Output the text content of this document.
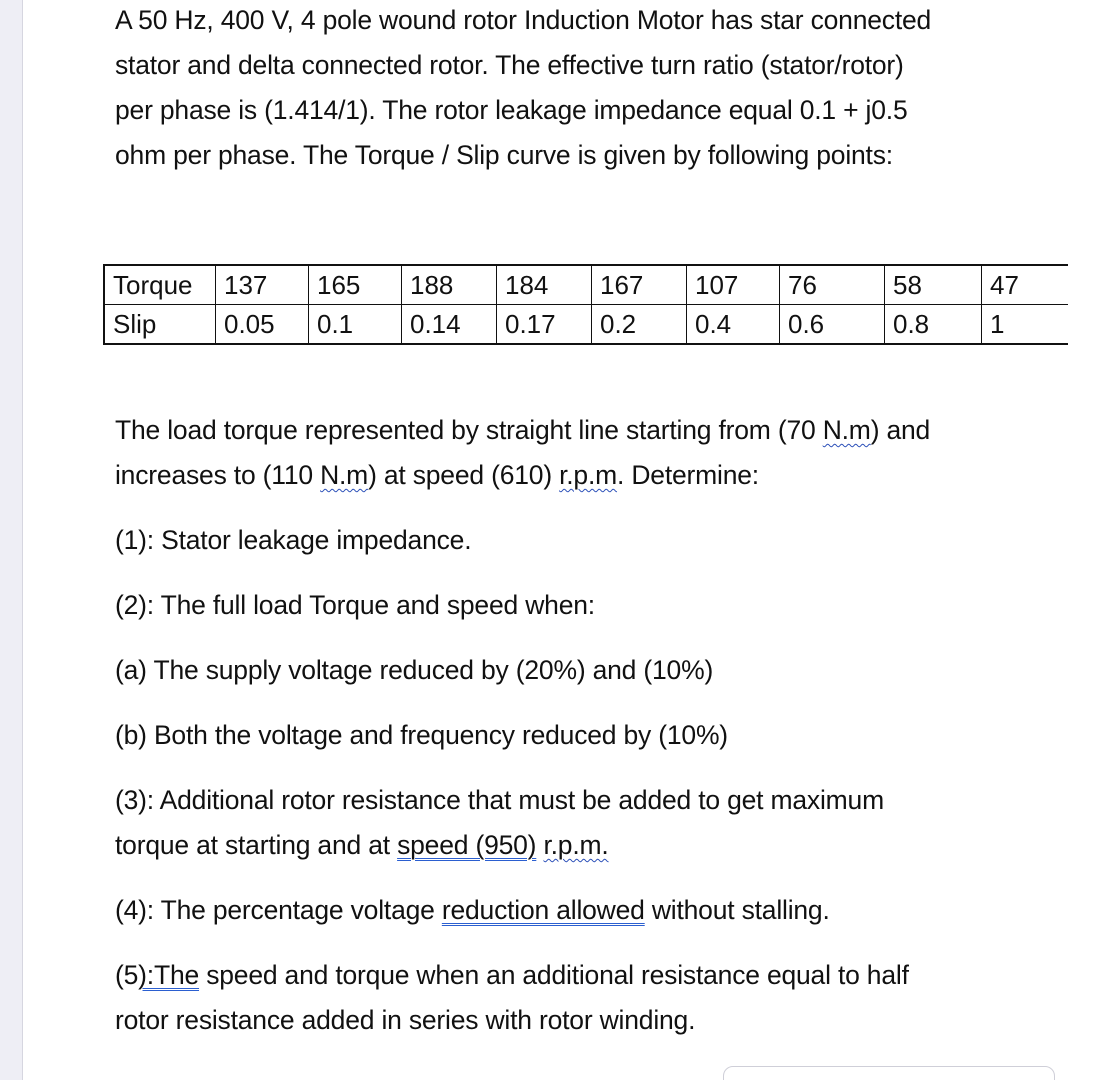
A 50 Hz, 400 V, 4 pole wound rotor Induction Motor has star connected
stator and delta connected rotor. The effective turn ratio (stator/rotor)
per phase is (1.414/1). The rotor leakage impedance equal 0.1 + j0.5
ohm per phase. The Torque / Slip curve is given by following points:
Torque	137	165	188	184	167	107	76	58	47
Slip	0.05	0.1	0.14	0.17	0.2	0.4	0.6	0.8	1
The load torque represented by straight line starting from (70 N.m) and
increases to (110 N.m) at speed (610) r.p.m. Determine:
(1): Stator leakage impedance.
(2): The full load Torque and speed when:
(a) The supply voltage reduced by (20%) and (10%)
(b) Both the voltage and frequency reduced by (10%)
(3): Additional rotor resistance that must be added to get maximum
torque at starting and at speed (950) r.p.m.
(4): The percentage voltage reduction allowed without stalling.
(5):The speed and torque when an additional resistance equal to half
rotor resistance added in series with rotor winding.
